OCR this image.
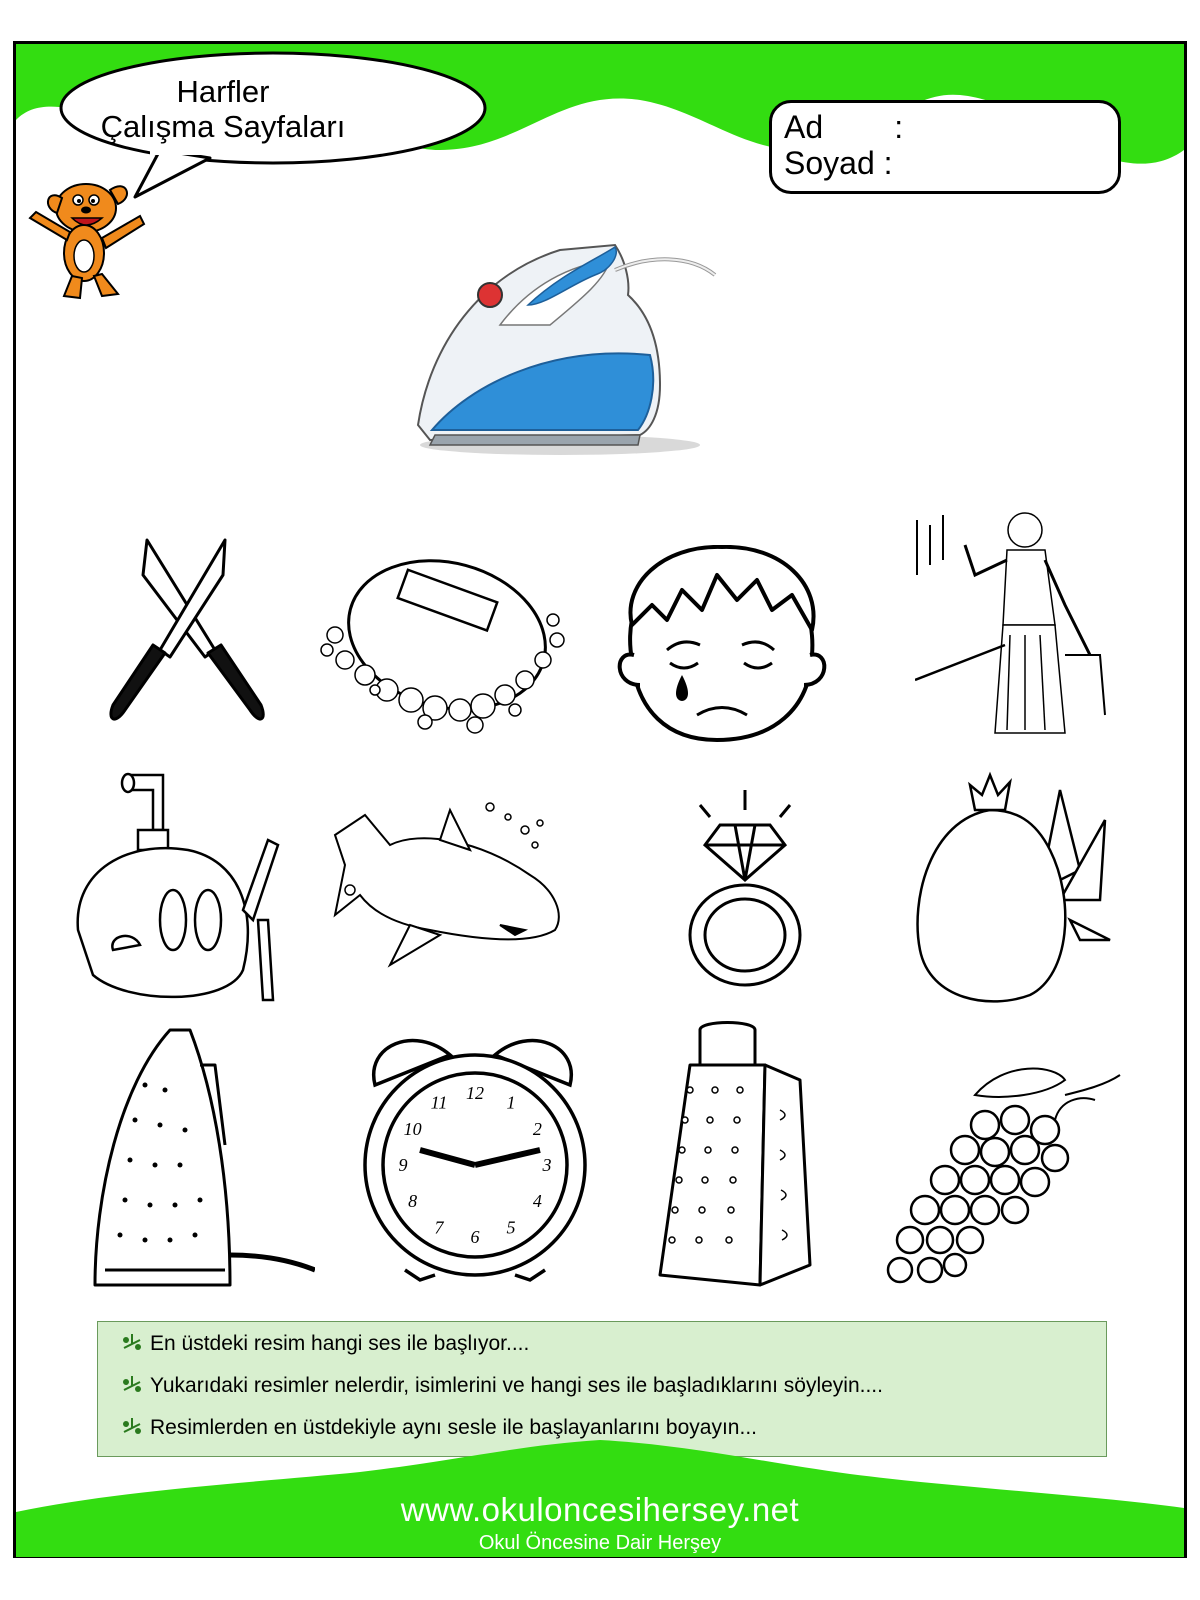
Harfler
Çalışma Sayfaları	Ad        :
Soyad :
12 1
2
3
4
5
6
7
8
9
10
11
En üstdeki resim hangi ses ile başlıyor....
Yukarıdaki resimler nelerdir, isimlerini ve hangi ses ile başladıklarını söyleyin....
Resimlerden en üstdekiyle aynı sesle ile başlayanlarını boyayın...
www.okuloncesihersey.net
Okul Öncesine Dair Herşey
